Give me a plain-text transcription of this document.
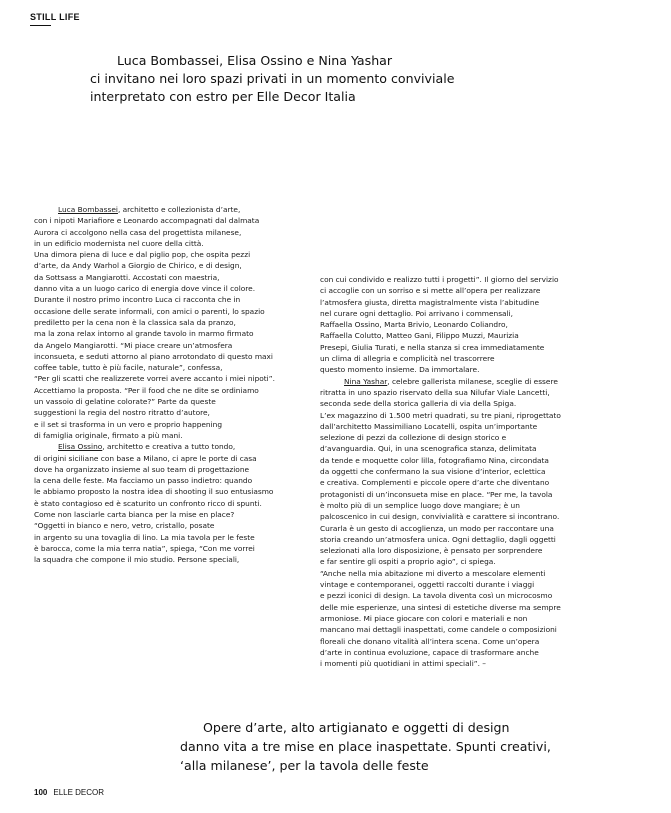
STILL LIFE

Luca Bombassei, Elisa Ossino e Nina Yashar
ci invitano nei loro spazi privati in un momento conviviale
interpretato con estro per Elle Decor Italia

Luca Bombassei, architetto e collezionista d’arte,
con i nipoti Mariafiore e Leonardo accompagnati dal dalmata
Aurora ci accolgono nella casa del progettista milanese,
in un edificio modernista nel cuore della città.
Una dimora piena di luce e dal piglio pop, che ospita pezzi
d’arte, da Andy Warhol a Giorgio de Chirico, e di design,
da Sottsass a Mangiarotti. Accostati con maestria,
danno vita a un luogo carico di energia dove vince il colore.
Durante il nostro primo incontro Luca ci racconta che in
occasione delle serate informali, con amici o parenti, lo spazio
prediletto per la cena non è la classica sala da pranzo,
ma la zona relax intorno al grande tavolo in marmo firmato
da Angelo Mangiarotti. “Mi piace creare un’atmosfera
inconsueta, e seduti attorno al piano arrotondato di questo maxi
coffee table, tutto è più facile, naturale”, confessa,
“Per gli scatti che realizzerete vorrei avere accanto i miei nipoti”.
Accettiamo la proposta. “Per il food che ne dite se ordiniamo
un vassoio di gelatine colorate?” Parte da queste
suggestioni la regia del nostro ritratto d’autore,
e il set si trasforma in un vero e proprio happening
di famiglia originale, firmato a più mani.
Elisa Ossino, architetto e creativa a tutto tondo,
di origini siciliane con base a Milano, ci apre le porte di casa
dove ha organizzato insieme al suo team di progettazione
la cena delle feste. Ma facciamo un passo indietro: quando
le abbiamo proposto la nostra idea di shooting il suo entusiasmo
è stato contagioso ed è scaturito un confronto ricco di spunti.
Come non lasciarle carta bianca per la mise en place?
“Oggetti in bianco e nero, vetro, cristallo, posate
in argento su una tovaglia di lino. La mia tavola per le feste
è barocca, come la mia terra natia”, spiega, “Con me vorrei
la squadra che compone il mio studio. Persone speciali,
con cui condivido e realizzo tutti i progetti”. Il giorno del servizio
ci accoglie con un sorriso e si mette all’opera per realizzare
l’atmosfera giusta, diretta magistralmente vista l’abitudine
nel curare ogni dettaglio. Poi arrivano i commensali,
Raffaella Ossino, Marta Brivio, Leonardo Coliandro,
Raffaella Colutto, Matteo Gani, Filippo Muzzi, Maurizia
Presepi, Giulia Turati, e nella stanza si crea immediatamente
un clima di allegria e complicità nel trascorrere
questo momento insieme. Da immortalare.
Nina Yashar, celebre gallerista milanese, sceglie di essere
ritratta in uno spazio riservato della sua Nilufar Viale Lancetti,
seconda sede della storica galleria di via della Spiga.
L’ex magazzino di 1.500 metri quadrati, su tre piani, riprogettato
dall’architetto Massimiliano Locatelli, ospita un’importante
selezione di pezzi da collezione di design storico e
d’avanguardia. Qui, in una scenografica stanza, delimitata
da tende e moquette color lilla, fotografiamo Nina, circondata
da oggetti che confermano la sua visione d’interior, eclettica
e creativa. Complementi e piccole opere d’arte che diventano
protagonisti di un’inconsueta mise en place. “Per me, la tavola
è molto più di un semplice luogo dove mangiare; è un
palcoscenico in cui design, convivialità e carattere si incontrano.
Curarla è un gesto di accoglienza, un modo per raccontare una
storia creando un’atmosfera unica. Ogni dettaglio, dagli oggetti
selezionati alla loro disposizione, è pensato per sorprendere
e far sentire gli ospiti a proprio agio”, ci spiega.
“Anche nella mia abitazione mi diverto a mescolare elementi
vintage e contemporanei, oggetti raccolti durante i viaggi
e pezzi iconici di design. La tavola diventa così un microcosmo
delle mie esperienze, una sintesi di estetiche diverse ma sempre
armoniose. Mi piace giocare con colori e materiali e non
mancano mai dettagli inaspettati, come candele o composizioni
floreali che donano vitalità all’intera scena. Come un’opera
d’arte in continua evoluzione, capace di trasformare anche
i momenti più quotidiani in attimi speciali”. –

Opere d’arte, alto artigianato e oggetti di design
danno vita a tre mise en place inaspettate. Spunti creativi,
‘alla milanese’, per la tavola delle feste

100 ELLE DECOR
